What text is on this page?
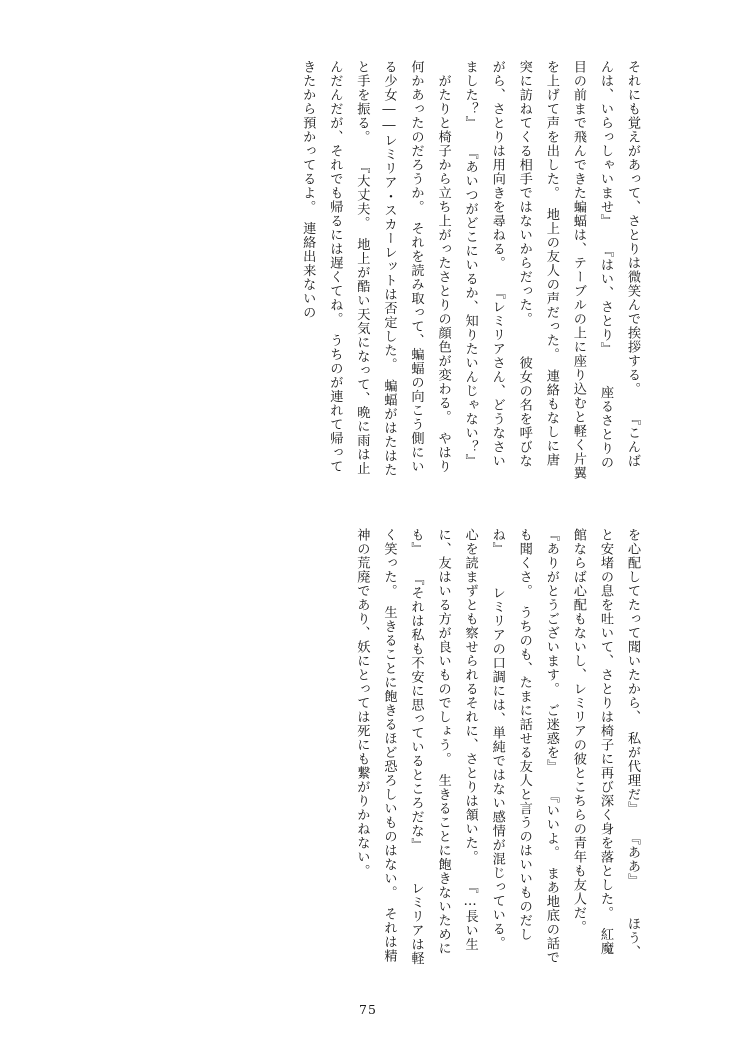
それにも覚えがあって、さとりは微笑んで挨拶する。 『こんばんは、いらっしゃいませ』 『はい、さとり』 　座るさとりの目の前まで飛んできた蝙蝠は、テーブルの上に座り込むと軽く片翼を上げて声を出した。　地上の友人の声だった。　連絡もなしに唐突に訪ねてくる相手ではないからだった。 　彼女の名を呼びながら、さとりは用向きを尋ねる。 『レミリアさん、どうなさいました？』 『あいつがどこにいるか、知りたいんじゃない？』 　がたりと椅子から立ち上がったさとりの顔色が変わる。　やはり何かあったのだろうか。　それを読み取って、蝙蝠の向こう側にいる少女――レミリア・スカーレットは否定した。　蝙蝠がはたはたと手を振る。 『大丈夫。　地上が酷い天気になって、晩に雨は止んだんだが、それでも帰るには遅くてね。　うちのが連れて帰ってきたから預かってるよ。　連絡出来ないの
を心配してたって聞いたから、　私が代理だ』 『ああ』 　ほう、と安堵の息を吐いて、さとりは椅子に再び深く身を落とした。　紅魔館ならば心配もないし、レミリアの彼とこちらの青年も友人だ。 『ありがとうございます。　ご迷惑を』 『いいよ。　まあ地底の話でも聞くさ。　うちのも、たまに話せる友人と言うのはいいものだしね』 　レミリアの口調には、単純ではない感情が混じっている。　心を読まずとも察せられるそれに、さとりは頷いた。 『…長い生に、友はいる方が良いものでしょう。　生きることに飽きないためにも』 『それは私も不安に思っているところだな』 　レミリアは軽く笑った。　生きることに飽きるほど恐ろしいものはない。　それは精神の荒廃であり、妖にとっては死にも繋がりかねない。
75
